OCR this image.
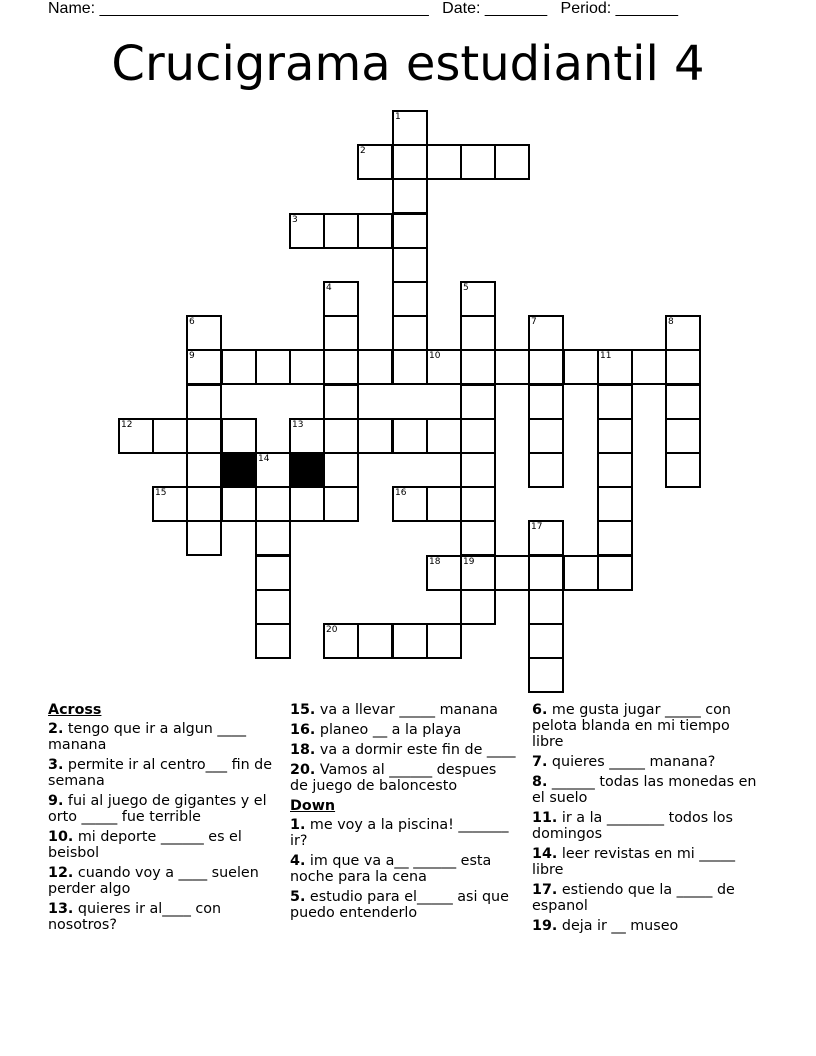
Name: _____________________________________ Date: _______ Period: _______
Crucigrama estudiantil 4
2
3
1
9
6
4	5
19
10	11
7	8
12	13
14
15	16
17
18
20
Across
2. tengo que ir a algun ____ manana
3. permite ir al centro___ fin de semana
9. fui al juego de gigantes y el orto _____ fue terrible
10. mi deporte ______ es el beisbol
12. cuando voy a ____ suelen perder algo
13. quieres ir al____ con nosotros?
15. va a llevar _____ manana
16. planeo __ a la playa
18. va a dormir este fin de ____
20. Vamos al ______ despues de juego de baloncesto
Down
1. me voy a la piscina! _______ ir?
4. im que va a__ ______ esta noche para la cena
5. estudio para el_____ asi que puedo entenderlo
6. me gusta jugar _____ con pelota blanda en mi tiempo libre
7. quieres _____ manana?
8. ______ todas las monedas en el suelo
11. ir a la ________ todos los domingos
14. leer revistas en mi _____ libre
17. estiendo que la _____ de espanol
19. deja ir __ museo
